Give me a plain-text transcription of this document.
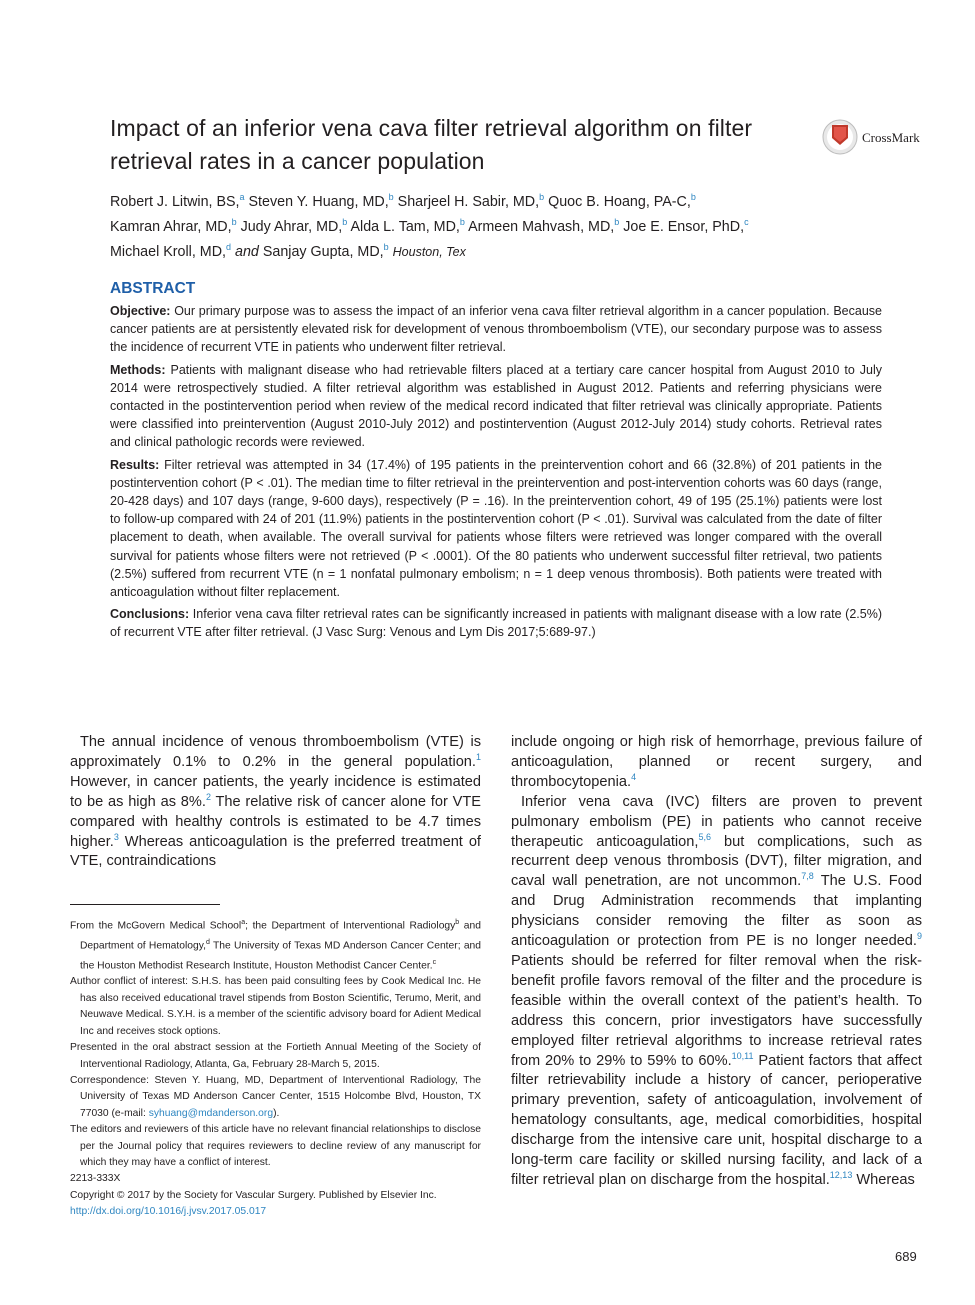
Impact of an inferior vena cava filter retrieval algorithm on filter retrieval rates in a cancer population
CrossMark
Robert J. Litwin, BS,$^a$ Steven Y. Huang, MD,$^b$ Sharjeel H. Sabir, MD,$^b$ Quoc B. Hoang, PA-C,$^b$
Kamran Ahrar, MD,$^b$ Judy Ahrar, MD,$^b$ Alda L. Tam, MD,$^b$ Armeen Mahvash, MD,$^b$ Joe E. Ensor, PhD,$^c$
Michael Kroll, MD,$^d$ and Sanjay Gupta, MD,$^b$ Houston, Tex
ABSTRACT

Objective: Our primary purpose was to assess the impact of an inferior vena cava filter retrieval algorithm in a cancer population. Because cancer patients are at persistently elevated risk for development of venous thromboembolism (VTE), our secondary purpose was to assess the incidence of recurrent VTE in patients who underwent filter retrieval.

Methods: Patients with malignant disease who had retrievable filters placed at a tertiary care cancer hospital from August 2010 to July 2014 were retrospectively studied. A filter retrieval algorithm was established in August 2012. Patients and referring physicians were contacted in the postintervention period when review of the medical record indicated that filter retrieval was clinically appropriate. Patients were classified into preintervention (August 2010-July 2012) and postintervention (August 2012-July 2014) study cohorts. Retrieval rates and clinical pathologic records were reviewed.

Results: Filter retrieval was attempted in 34 (17.4%) of 195 patients in the preintervention cohort and 66 (32.8%) of 201 patients in the postintervention cohort (P < .01). The median time to filter retrieval in the preintervention and post-intervention cohorts was 60 days (range, 20-428 days) and 107 days (range, 9-600 days), respectively (P = .16). In the preintervention cohort, 49 of 195 (25.1%) patients were lost to follow-up compared with 24 of 201 (11.9%) patients in the postintervention cohort (P < .01). Survival was calculated from the date of filter placement to death, when available. The overall survival for patients whose filters were retrieved was longer compared with the overall survival for patients whose filters were not retrieved (P < .0001). Of the 80 patients who underwent successful filter retrieval, two patients (2.5%) suffered from recurrent VTE (n = 1 nonfatal pulmonary embolism; n = 1 deep venous thrombosis). Both patients were treated with anticoagulation without filter replacement.

Conclusions: Inferior vena cava filter retrieval rates can be significantly increased in patients with malignant disease with a low rate (2.5%) of recurrent VTE after filter retrieval. (J Vasc Surg: Venous and Lym Dis 2017;5:689-97.)

The annual incidence of venous thromboembolism (VTE) is approximately 0.1% to 0.2% in the general population.$^1$ However, in cancer patients, the yearly incidence is estimated to be as high as 8%.$^2$ The relative risk of cancer alone for VTE compared with healthy controls is estimated to be 4.7 times higher.$^3$ Whereas anticoagulation is the preferred treatment of VTE, contraindications

From the McGovern Medical School$^a$; the Department of Interventional Radiology$^b$ and Department of Hematology,$^d$ The University of Texas MD Anderson Cancer Center; and the Houston Methodist Research Institute, Houston Methodist Cancer Center.$^c$

Author conflict of interest: S.H.S. has been paid consulting fees by Cook Medical Inc. He has also received educational travel stipends from Boston Scientific, Terumo, Merit, and Neuwave Medical. S.Y.H. is a member of the scientific advisory board for Adient Medical Inc and receives stock options.

Presented in the oral abstract session at the Fortieth Annual Meeting of the Society of Interventional Radiology, Atlanta, Ga, February 28-March 5, 2015.

Correspondence: Steven Y. Huang, MD, Department of Interventional Radiology, The University of Texas MD Anderson Cancer Center, 1515 Holcombe Blvd, Houston, TX 77030 (e-mail: syhuang@mdanderson.org).

The editors and reviewers of this article have no relevant financial relationships to disclose per the Journal policy that requires reviewers to decline review of any manuscript for which they may have a conflict of interest.

2213-333X

Copyright © 2017 by the Society for Vascular Surgery. Published by Elsevier Inc.

http://dx.doi.org/10.1016/j.jvsv.2017.05.017

include ongoing or high risk of hemorrhage, previous failure of anticoagulation, planned or recent surgery, and thrombocytopenia.$^4$

Inferior vena cava (IVC) filters are proven to prevent pulmonary embolism (PE) in patients who cannot receive therapeutic anticoagulation,$^{5,6}$ but complications, such as recurrent deep venous thrombosis (DVT), filter migration, and caval wall penetration, are not uncommon.$^{7,8}$ The U.S. Food and Drug Administration recommends that implanting physicians consider removing the filter as soon as anticoagulation or protection from PE is no longer needed.$^9$ Patients should be referred for filter removal when the risk-benefit profile favors removal of the filter and the procedure is feasible within the overall context of the patient’s health. To address this concern, prior investigators have successfully employed filter retrieval algorithms to increase retrieval rates from 20% to 29% to 59% to 60%.$^{10,11}$ Patient factors that affect filter retrievability include a history of cancer, perioperative primary prevention, safety of anticoagulation, involvement of hematology consultants, age, medical comorbidities, hospital discharge from the intensive care unit, hospital discharge to a long-term care facility or skilled nursing facility, and lack of a filter retrieval plan on discharge from the hospital.$^{12,13}$ Whereas

689
